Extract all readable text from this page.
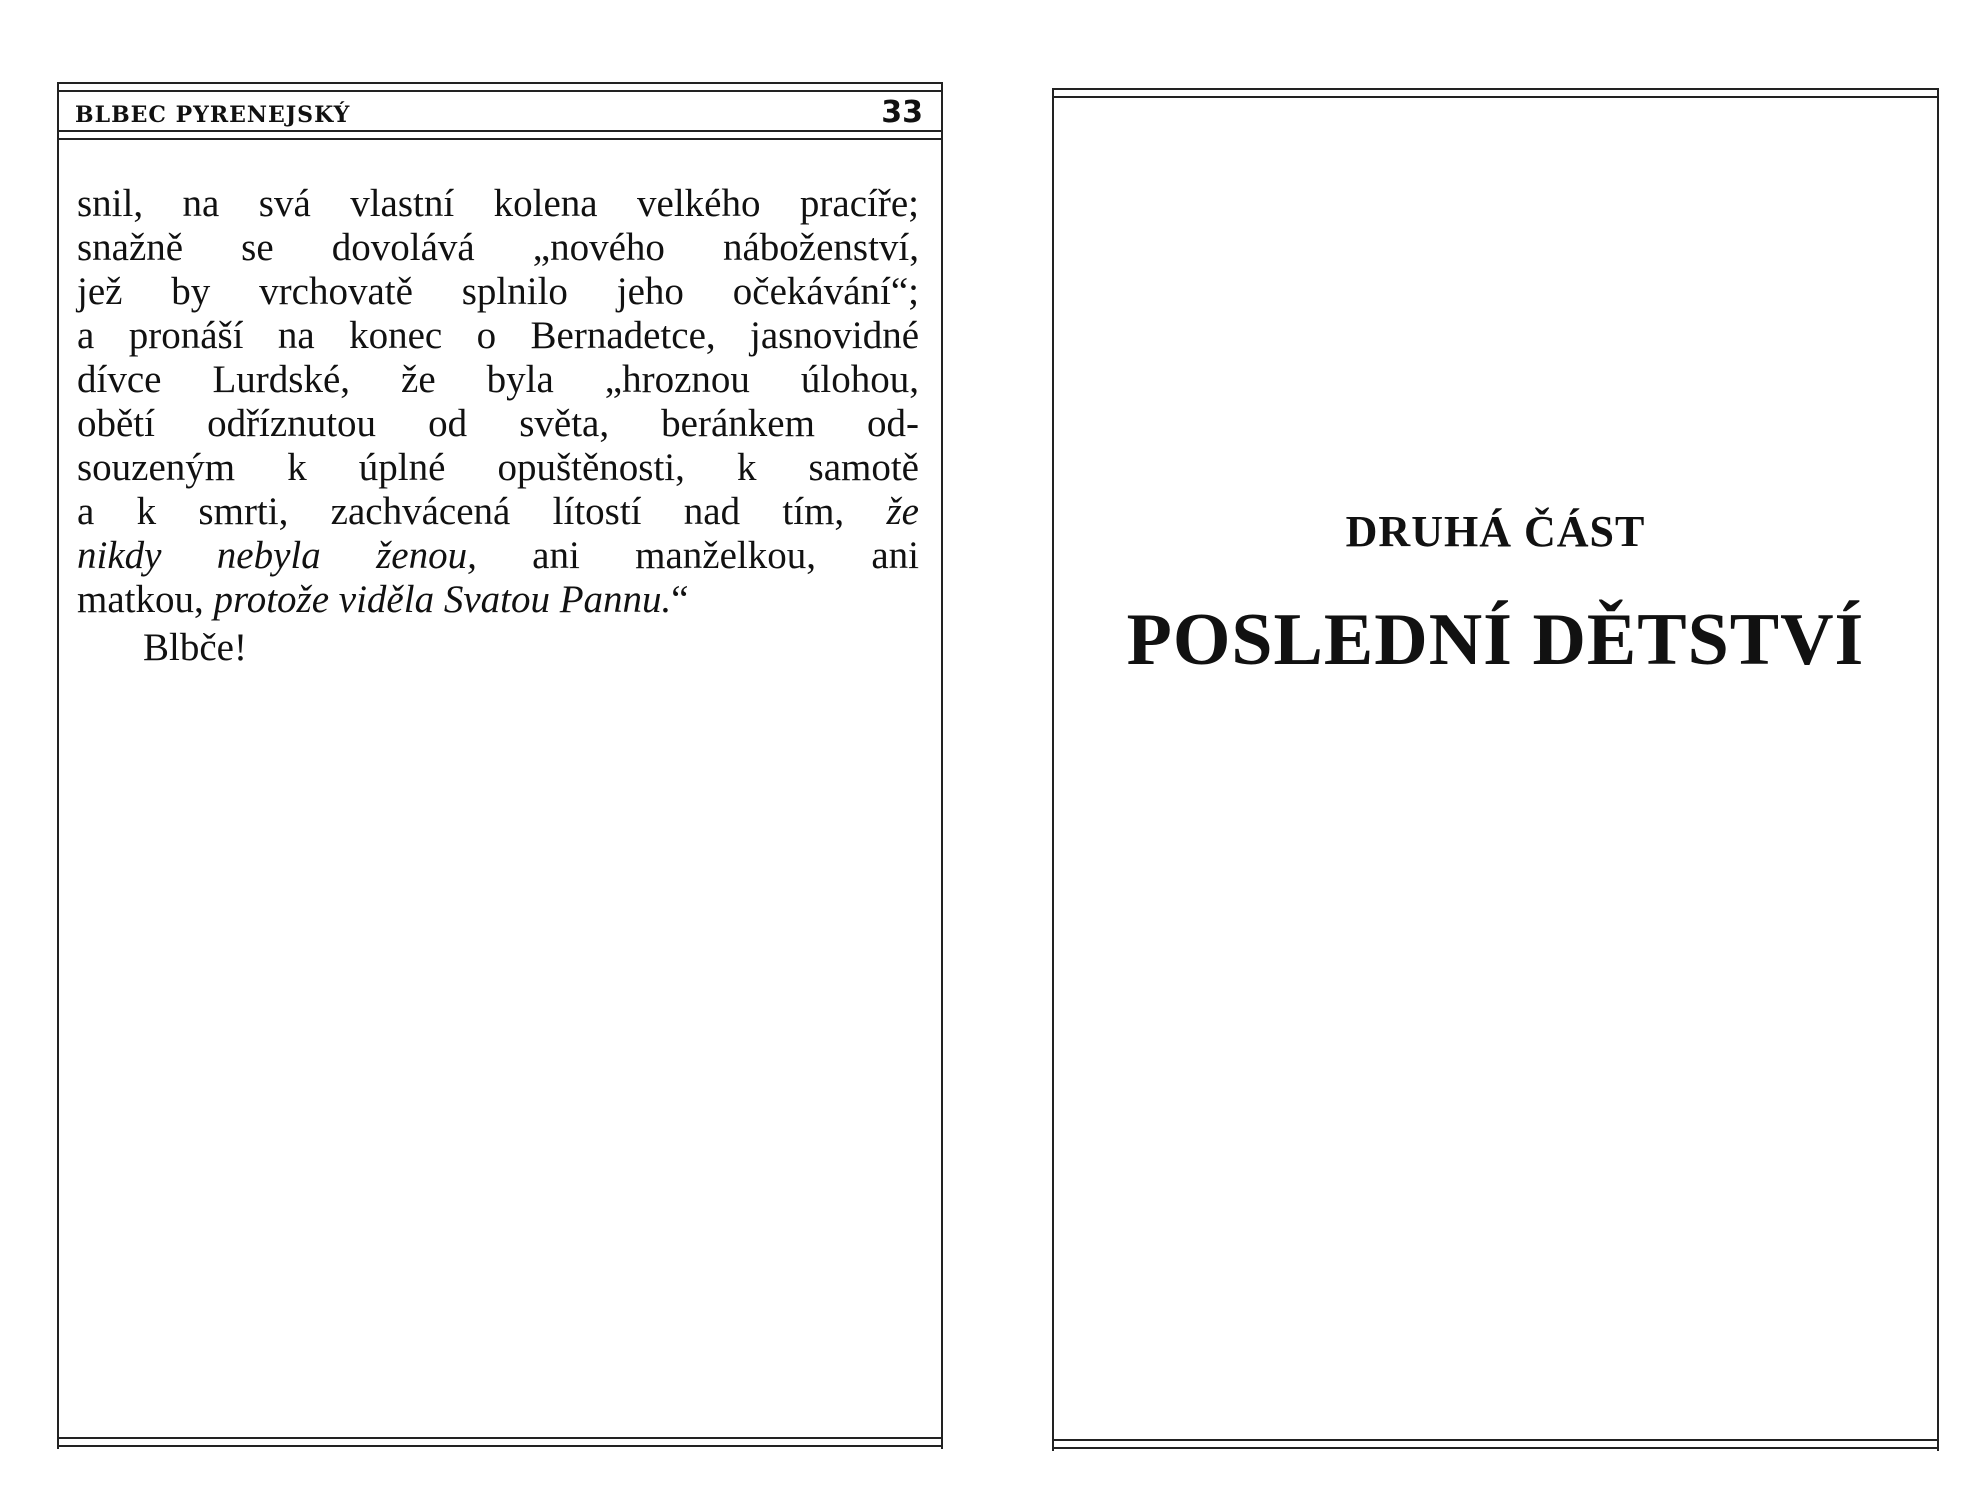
BLBEC PYRENEJSKÝ	33
snil, na svá vlastní kolena velkého pracíře;
snažně se dovolává „nového náboženství,
jež by vrchovatě splnilo jeho očekávání“;
a pronáší na konec o Bernadetce, jasnovidné
dívce Lurdské, že byla „hroznou úlohou,
obětí odříznutou od světa, beránkem od-
souzeným k úplné opuštěnosti, k samotě
a k smrti, zachvácená lítostí nad tím, že
nikdy nebyla ženou, ani manželkou, ani
matkou, protože viděla Svatou Pannu.“
Blbče!
DRUHÁ ČÁST
POSLEDNÍ DĚTSTVÍ
